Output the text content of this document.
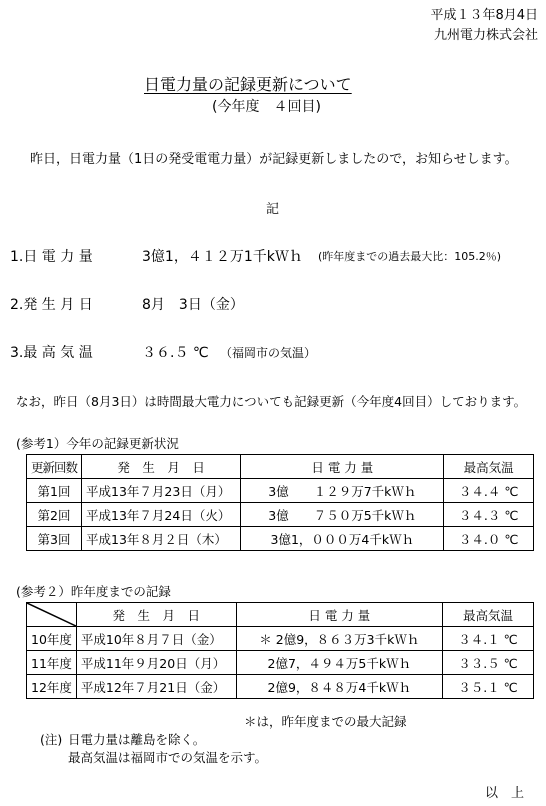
平成１３年8月4日
九州電力株式会社
日電力量の記録更新について
(今年度　４回目)
昨日，日電力量（1日の発受電電力量）が記録更新しましたので，お知らせします。
記
1.日 電 力 量	3億1，４１２万1千kＷｈ (昨年度までの過去最大比：105.2％)
2.発 生 月 日	8月　3日（金）
3.最 高 気 温	３６.５ ℃ （福岡市の気温）
なお，昨日（8月3日）は時間最大電力についても記録更新（今年度4回目）しております。
(参考1）今年の記録更新状況
更新回数	発　生　月　日	日 電 力 量	最高気温
第1回	平成13年７月23日（月）	3億　　１２９万7千kＷｈ	３４.４ ℃
第2回	平成13年７月24日（火）	3億　　７５０万5千kＷｈ	３４.３ ℃
第3回	平成13年８月２日（木）	3億1，０００万4千kＷｈ	３４.０ ℃
(参考２）昨年度までの記録
	発　生　月　日	日 電 力 量	最高気温
10年度	平成10年８月７日（金）	＊ 2億9，８６３万3千kＷｈ	３４.１ ℃
11年度	平成11年９月20日（月）	2億7，４９４万5千kＷｈ	３３.５ ℃
12年度	平成12年７月21日（金）	2億9，８４８万4千kＷｈ	３５.１ ℃
＊は，昨年度までの最大記録
(注) 日電力量は離島を除く。
最高気温は福岡市での気温を示す。
以　上
